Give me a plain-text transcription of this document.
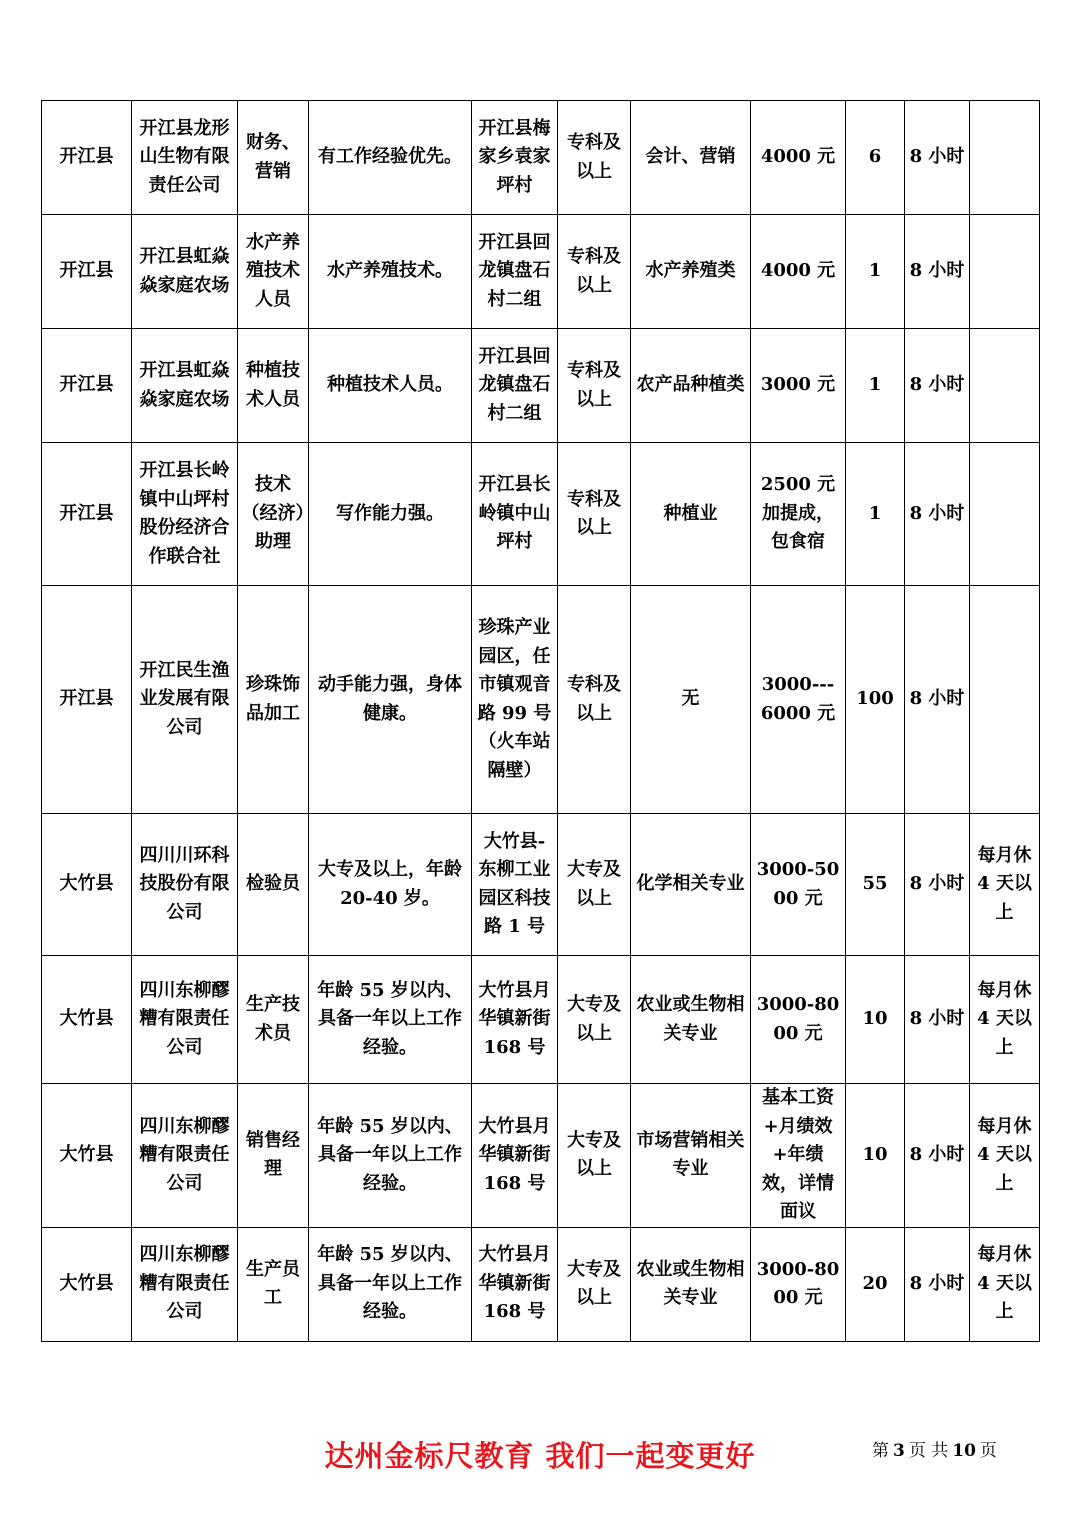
开江县	开江县龙形山生物有限责任公司	财务、营销	有工作经验优先。	开江县梅家乡袁家坪村	专科及以上	会计、营销	4000 元	6	8 小时	
开江县	开江县虹焱焱家庭农场	水产养殖技术人员	水产养殖技术。	开江县回龙镇盘石村二组	专科及以上	水产养殖类	4000 元	1	8 小时	
开江县	开江县虹焱焱家庭农场	种植技术人员	种植技术人员。	开江县回龙镇盘石村二组	专科及以上	农产品种植类	3000 元	1	8 小时	
开江县	开江县长岭镇中山坪村股份经济合作联合社	技术（经济）助理	写作能力强。	开江县长岭镇中山坪村	专科及以上	种植业	2500 元加提成，包食宿	1	8 小时	
开江县	开江民生渔业发展有限公司	珍珠饰品加工	动手能力强，身体健康。	珍珠产业园区，任市镇观音路 99 号（火车站隔壁）	专科及以上	无	3000---6000 元	100	8 小时	
大竹县	四川川环科技股份有限公司	检验员	大专及以上，年龄 20-40 岁。	大竹县-东柳工业园区科技路 1 号	大专及以上	化学相关专业	3000-5000 元	55	8 小时	每月休 4 天以上
大竹县	四川东柳醪糟有限责任公司	生产技术员	年龄 55 岁以内、具备一年以上工作经验。	大竹县月华镇新街 168 号	大专及以上	农业或生物相关专业	3000-8000 元	10	8 小时	每月休 4 天以上
大竹县	四川东柳醪糟有限责任公司	销售经理	年龄 55 岁以内、具备一年以上工作经验。	大竹县月华镇新街 168 号	大专及以上	市场营销相关专业	基本工资+月绩效+年绩效，详情面议	10	8 小时	每月休 4 天以上
大竹县	四川东柳醪糟有限责任公司	生产员工	年龄 55 岁以内、具备一年以上工作经验。	大竹县月华镇新街 168 号	大专及以上	农业或生物相关专业	3000-8000 元	20	8 小时	每月休 4 天以上
达州金标尺教育 我们一起变更好	第 3 页 共 10 页
